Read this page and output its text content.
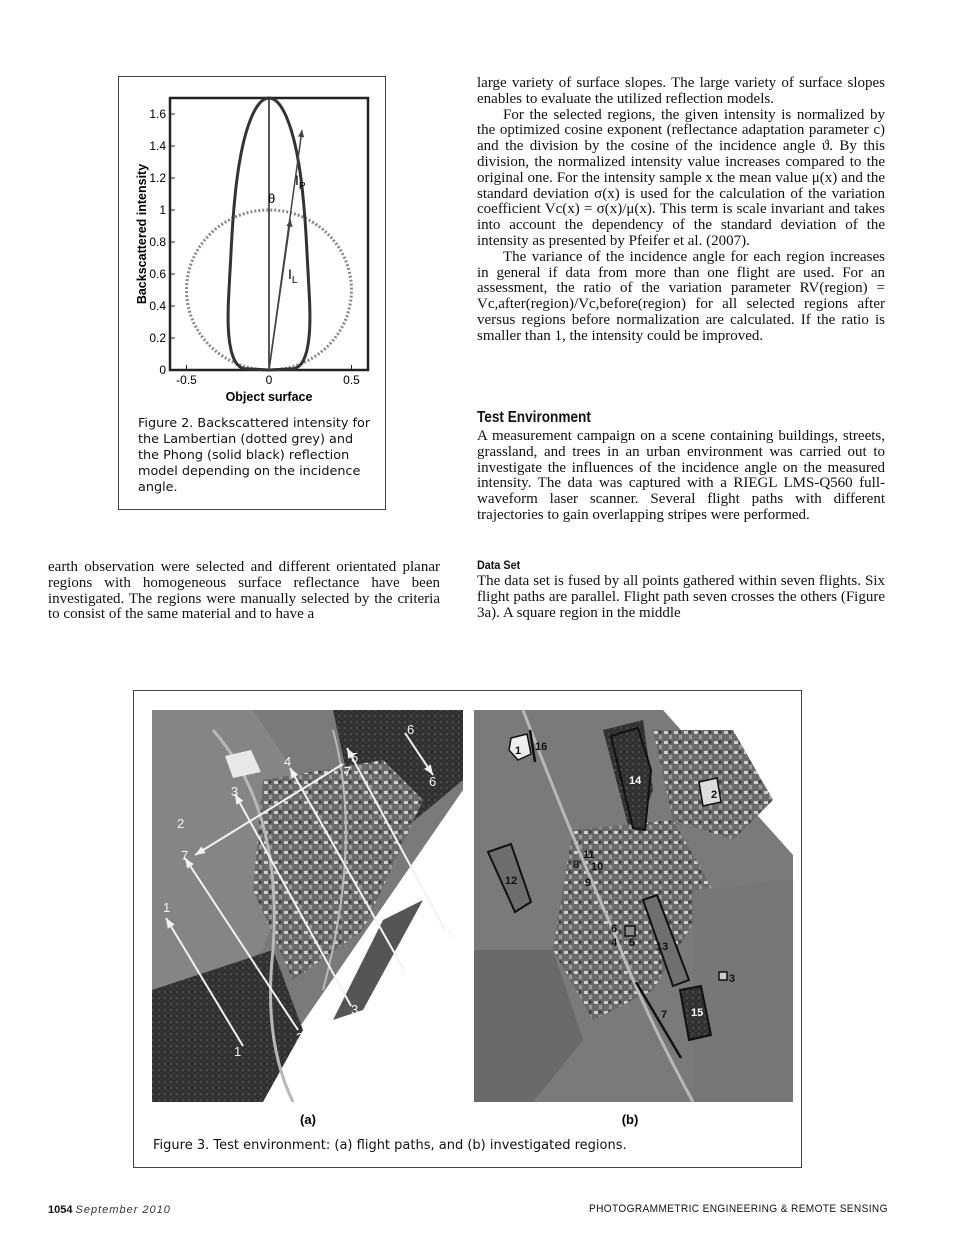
0
0.2
0.4
0.6
0.8
1
1.2
1.4
1.6
-0.5	0	0.5
θ
$I_P$
$I_L$
Object surface
Backscattered intensity
Figure 2. Backscattered intensity for the Lambertian (dotted grey) and the Phong (solid black) reflection model depending on the incidence angle.

earth observation were selected and different orientated planar regions with homogeneous surface reflectance have been investigated. The regions were manually selected by the criteria to consist of the same material and to have a

large variety of surface slopes. The large variety of surface slopes enables to evaluate the utilized reflection models.

For the selected regions, the given intensity is normalized by the optimized cosine exponent (reflectance adaptation parameter c) and the division by the cosine of the incidence angle ϑ. By this division, the normalized intensity value increases compared to the original one. For the intensity sample x the mean value μ(x) and the standard deviation σ(x) is used for the calculation of the variation coefficient Vc(x) = σ(x)/μ(x). This term is scale invariant and takes into account the dependency of the standard deviation of the intensity as presented by Pfeifer et al. (2007).

The variance of the incidence angle for each region increases in general if data from more than one flight are used. For an assessment, the ratio of the variation parameter RV(region) = Vc,after(region)/Vc,before(region) for all selected regions after versus regions before normalization are calculated. If the ratio is smaller than 1, the intensity could be improved.

Test Environment

A measurement campaign on a scene containing buildings, streets, grassland, and trees in an urban environment was carried out to investigate the influences of the incidence angle on the measured intensity. The data was captured with a RIEGL LMS-Q560 full-waveform laser scanner. Several flight paths with different trajectories to gain overlapping stripes were performed.

Data Set

The data set is fused by all points gathered within seven flights. Six flight paths are parallel. Flight path seven crosses the others (Figure 3a). A square region in the middle

1
1
2
2
3
3
4
4
5
5
6
6
7
7
1
2
3
4 5
6
7
8
9
10
11
12
13
14
15
16
(a)	(b)
Figure 3. Test environment: (a) flight paths, and (b) investigated regions.
1054 September 2010	PHOTOGRAMMETRIC ENGINEERING & REMOTE SENSING
